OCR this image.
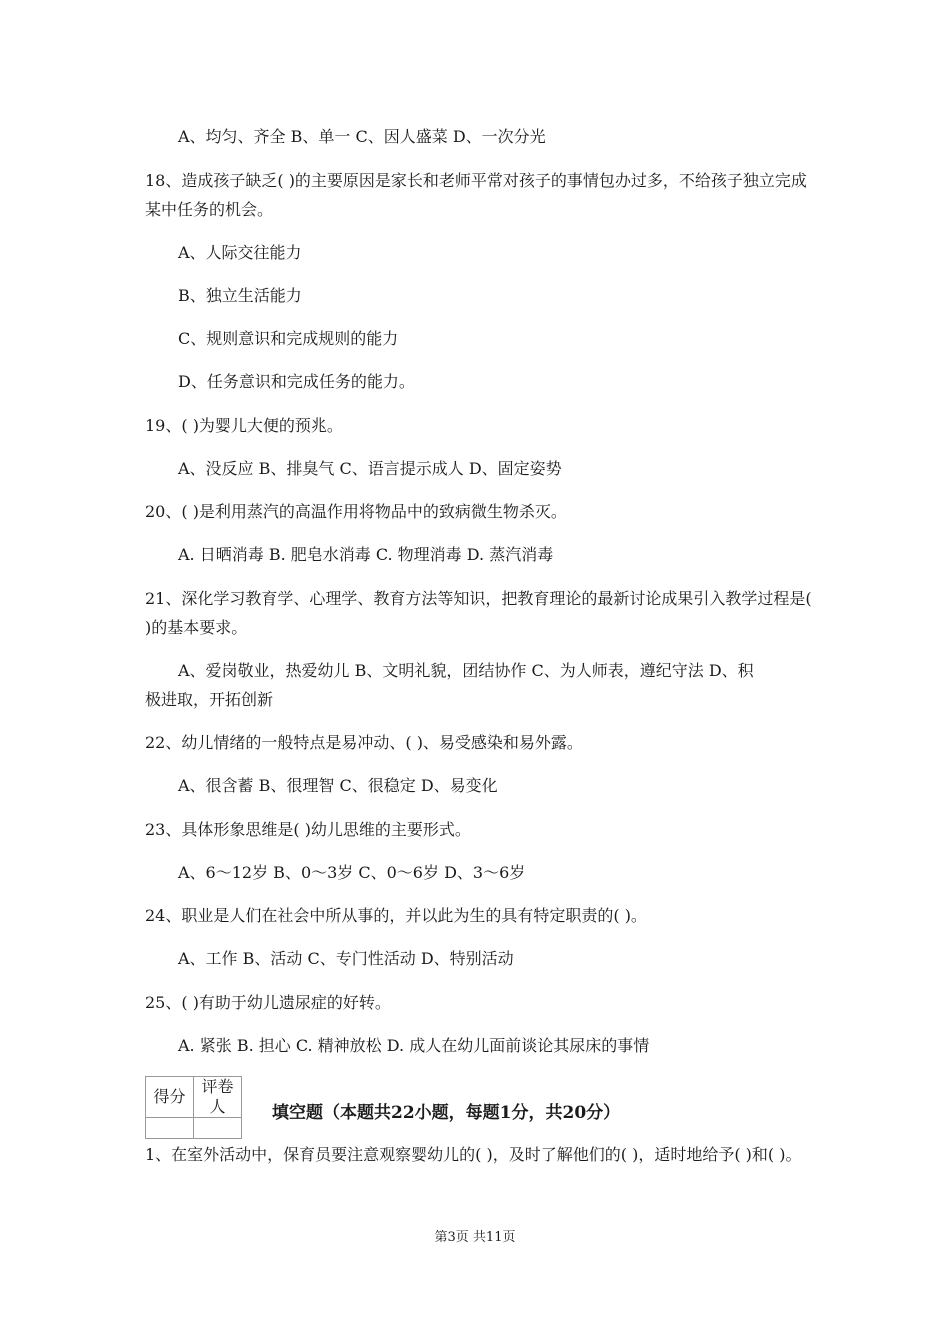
A、均匀、齐全 B、单一 C、因人盛菜 D、一次分光
18、造成孩子缺乏( )的主要原因是家长和老师平常对孩子的事情包办过多，不给孩子独立完成某中任务的机会。
A、人际交往能力
B、独立生活能力
C、规则意识和完成规则的能力
D、任务意识和完成任务的能力。
19、( )为婴儿大便的预兆。
A、没反应 B、排臭气 C、语言提示成人 D、固定姿势
20、( )是利用蒸汽的高温作用将物品中的致病微生物杀灭。
A. 日晒消毒 B. 肥皂水消毒 C. 物理消毒 D. 蒸汽消毒
21、深化学习教育学、心理学、教育方法等知识，把教育理论的最新讨论成果引入教学过程是( )的基本要求。
A、爱岗敬业，热爱幼儿 B、文明礼貌，团结协作 C、为人师表，遵纪守法 D、积
极进取，开拓创新
22、幼儿情绪的一般特点是易冲动、( )、易受感染和易外露。
A、很含蓄 B、很理智 C、很稳定 D、易变化
23、具体形象思维是( )幼儿思维的主要形式。
A、6～12岁 B、0～3岁 C、0～6岁 D、3～6岁
24、职业是人们在社会中所从事的，并以此为生的具有特定职责的( )。
A、工作 B、活动 C、专门性活动 D、特别活动
25、( )有助于幼儿遗尿症的好转。
A. 紧张 B. 担心 C. 精神放松 D. 成人在幼儿面前谈论其尿床的事情
得分	评卷人
		填空题（本题共22小题，每题1分，共20分）
1、在室外活动中，保育员要注意观察婴幼儿的( )，及时了解他们的( )，适时地给予( )和( )。
第3页 共11页
